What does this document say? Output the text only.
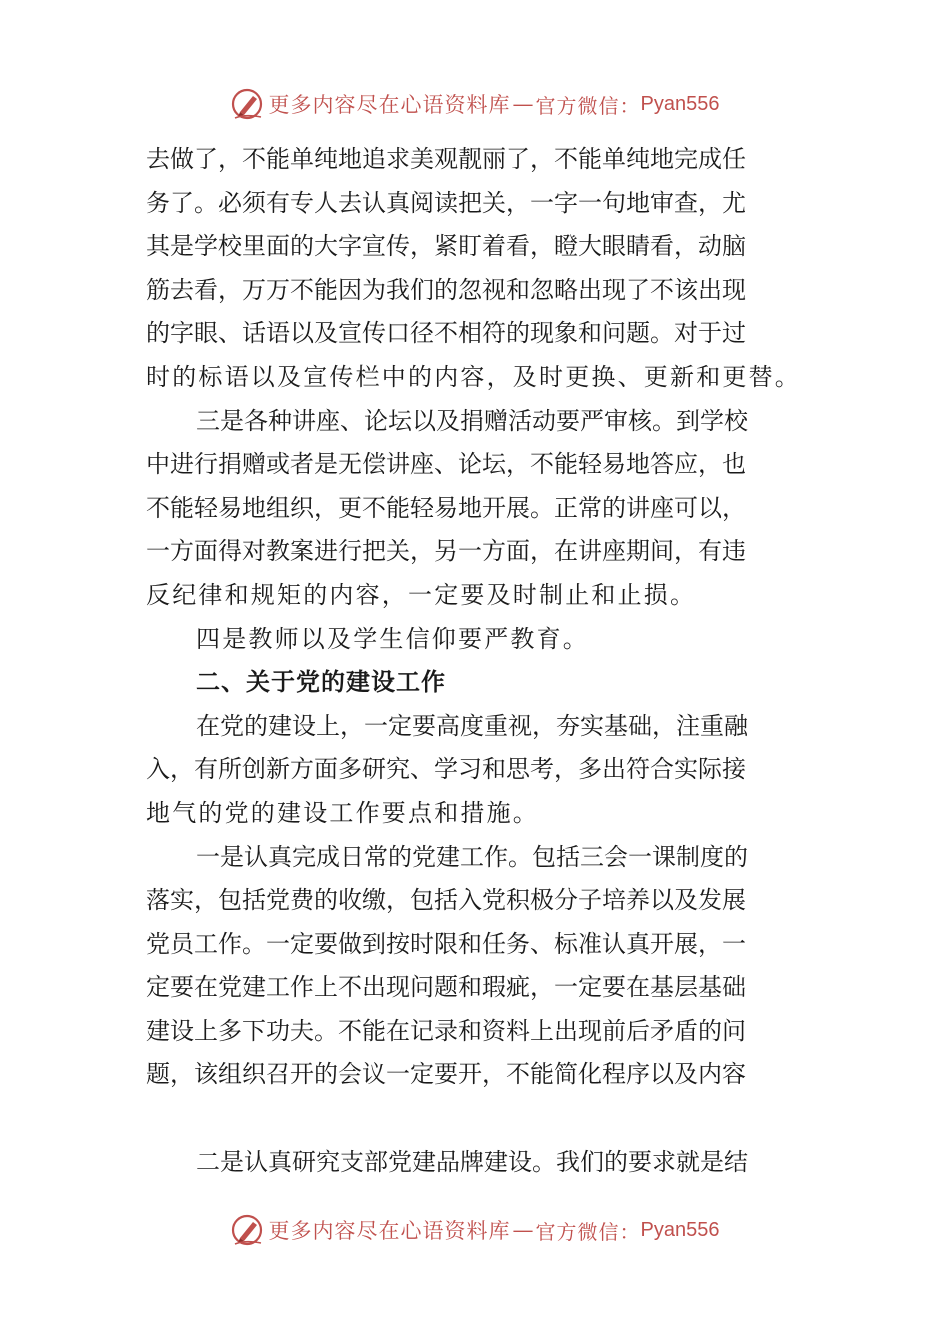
更多内容尽在心语资料库 — 官方微信： Pyan556
去做了，不能单纯地追求美观靓丽了，不能单纯地完成任
务了。必须有专人去认真阅读把关，一字一句地审查，尤
其是学校里面的大字宣传，紧盯着看，瞪大眼睛看，动脑
筋去看，万万不能因为我们的忽视和忽略出现了不该出现
的字眼、话语以及宣传口径不相符的现象和问题。对于过
时的标语以及宣传栏中的内容，及时更换、更新和更替。
三是各种讲座、论坛以及捐赠活动要严审核。到学校
中进行捐赠或者是无偿讲座、论坛，不能轻易地答应，也
不能轻易地组织，更不能轻易地开展。正常的讲座可以，
一方面得对教案进行把关，另一方面，在讲座期间，有违
反纪律和规矩的内容，一定要及时制止和止损。
四是教师以及学生信仰要严教育。
二、关于党的建设工作
在党的建设上，一定要高度重视，夯实基础，注重融
入，有所创新方面多研究、学习和思考，多出符合实际接
地气的党的建设工作要点和措施。
一是认真完成日常的党建工作。包括三会一课制度的
落实，包括党费的收缴，包括入党积极分子培养以及发展
党员工作。一定要做到按时限和任务、标准认真开展，一
定要在党建工作上不出现问题和瑕疵，一定要在基层基础
建设上多下功夫。不能在记录和资料上出现前后矛盾的问
题，该组织召开的会议一定要开，不能简化程序以及内容
二是认真研究支部党建品牌建设。我们的要求就是结
更多内容尽在心语资料库 — 官方微信： Pyan556
